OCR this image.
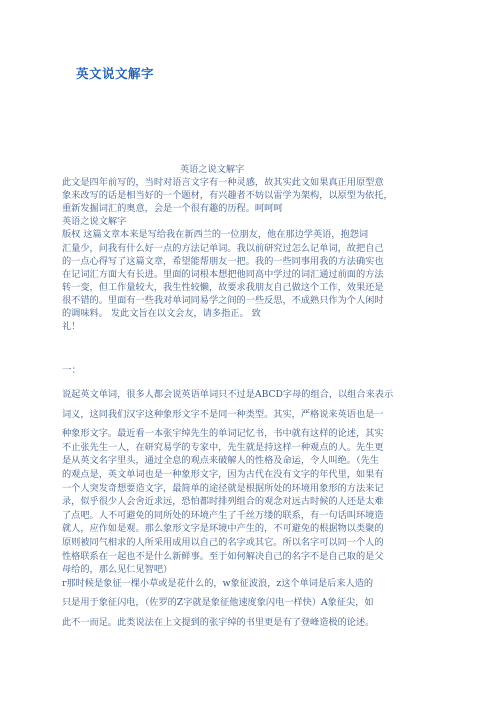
英文说文解字
英语之说文解字
此文是四年前写的，当时对语言文字有一种灵感，故其实此文如果真正用原型意
象来改写的话是相当好的一个题材，有兴趣者不妨以雷学为架构，以原型为依托，
重新发掘词汇的奥意，会是一个很有趣的历程。呵呵呵
英语之说文解字
版权 这篇文章本来是写给我在新西兰的一位朋友，他在那边学英语，抱怨词
汇量少，问我有什么好一点的方法记单词。我以前研究过怎么记单词，故把自己
的一点心得写了这篇文章，希望能帮朋友一把。我的一些同事用我的方法确实也
在记词汇方面大有长进。里面的词根本想把他同高中学过的词汇通过前面的方法
转一变，但工作量较大，我生性较懒，故要求我朋友自己做这个工作，效果还是
很不错的。里面有一些我对单词同易学之间的一些反思，不成熟只作为个人闲时
的调味料。 发此文旨在以文会友，请多指正。 致
礼！
一：
说起英文单词，很多人都会说英语单词只不过是ABCD字母的组合，以组合来表示
词义，这同我们汉字这种象形文字不是同一种类型。其实，严格说来英语也是一
种象形文字。最近看一本张宇绰先生的单词记忆书，书中就有这样的论述，其实
不止张先生一人，在研究易学的专家中，先生就是持这样一种观点的人。先生更
是从英文名字里头，通过全息的观点来破解人的性格及命运，令人叫绝。（先生
的观点是，英文单词也是一种象形文字，因为古代在没有文字的年代里，如果有
一个人突发奇想要造文字，最简单的途径就是根据所处的环境用象形的方法来记
录，似乎很少人会舍近求远，恐怕都时排列组合的观念对远古时候的人还是太难
了点吧。人不可避免的同所处的环境产生了千丝万缕的联系，有一句话叫环境造
就人，应作如是观。那么象形文字是环境中产生的，不可避免的根据物以类聚的
原则被同气相求的人所采用成用以自己的名字或其它。所以名字可以同一个人的
性格联系在一起也不是什么新鲜事。至于如何解决自己的名字不是自己取的是父
母给的，那么见仁见智吧）
r那时候是象征一棵小草或是花什么的，w象征波浪，z这个单词是后来人造的
只是用于象征闪电，（佐罗的Z字就是象征他速度象闪电一样快）A象征尖，如
此不一而足。此类说法在上文提到的张宇绰的书里更是有了登峰造极的论述。
